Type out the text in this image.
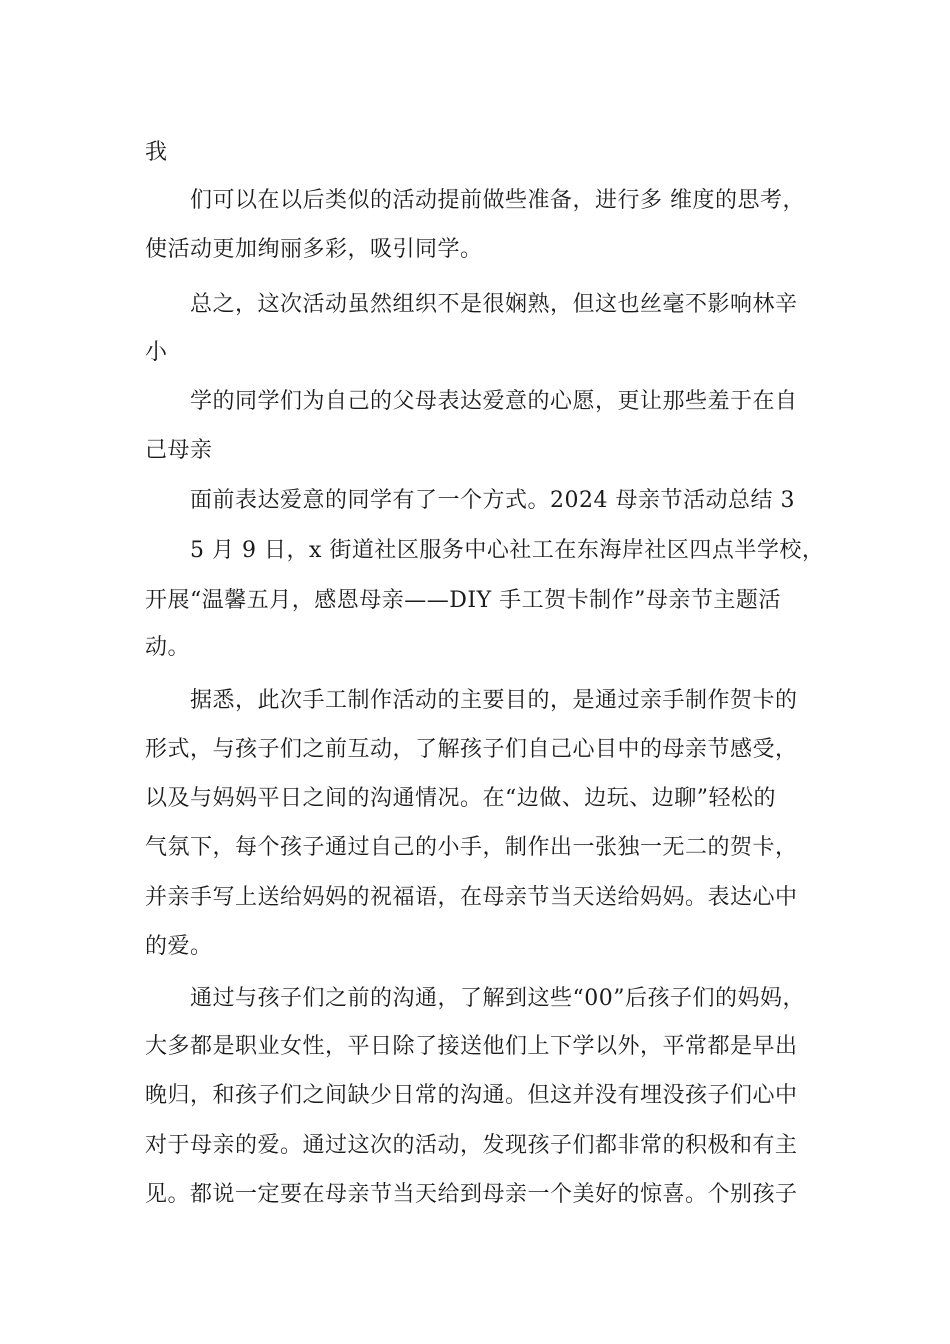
我
们可以在以后类似的活动提前做些准备，进行多 维度的思考，
使活动更加绚丽多彩，吸引同学。
总之，这次活动虽然组织不是很娴熟，但这也丝毫不影响林辛
小
学的同学们为自己的父母表达爱意的心愿，更让那些羞于在自
己母亲
面前表达爱意的同学有了一个方式。2024 母亲节活动总结 3
5 月 9 日，x 街道社区服务中心社工在东海岸社区四点半学校，
开展“温馨五月，感恩母亲——DIY 手工贺卡制作”母亲节主题活
动。
据悉，此次手工制作活动的主要目的，是通过亲手制作贺卡的
形式，与孩子们之前互动，了解孩子们自己心目中的母亲节感受，
以及与妈妈平日之间的沟通情况。在“边做、边玩、边聊”轻松的
气氛下，每个孩子通过自己的小手，制作出一张独一无二的贺卡，
并亲手写上送给妈妈的祝福语，在母亲节当天送给妈妈。表达心中
的爱。
通过与孩子们之前的沟通，了解到这些“00”后孩子们的妈妈，
大多都是职业女性，平日除了接送他们上下学以外，平常都是早出
晚归，和孩子们之间缺少日常的沟通。但这并没有埋没孩子们心中
对于母亲的爱。通过这次的活动，发现孩子们都非常的积极和有主
见。都说一定要在母亲节当天给到母亲一个美好的惊喜。个别孩子
